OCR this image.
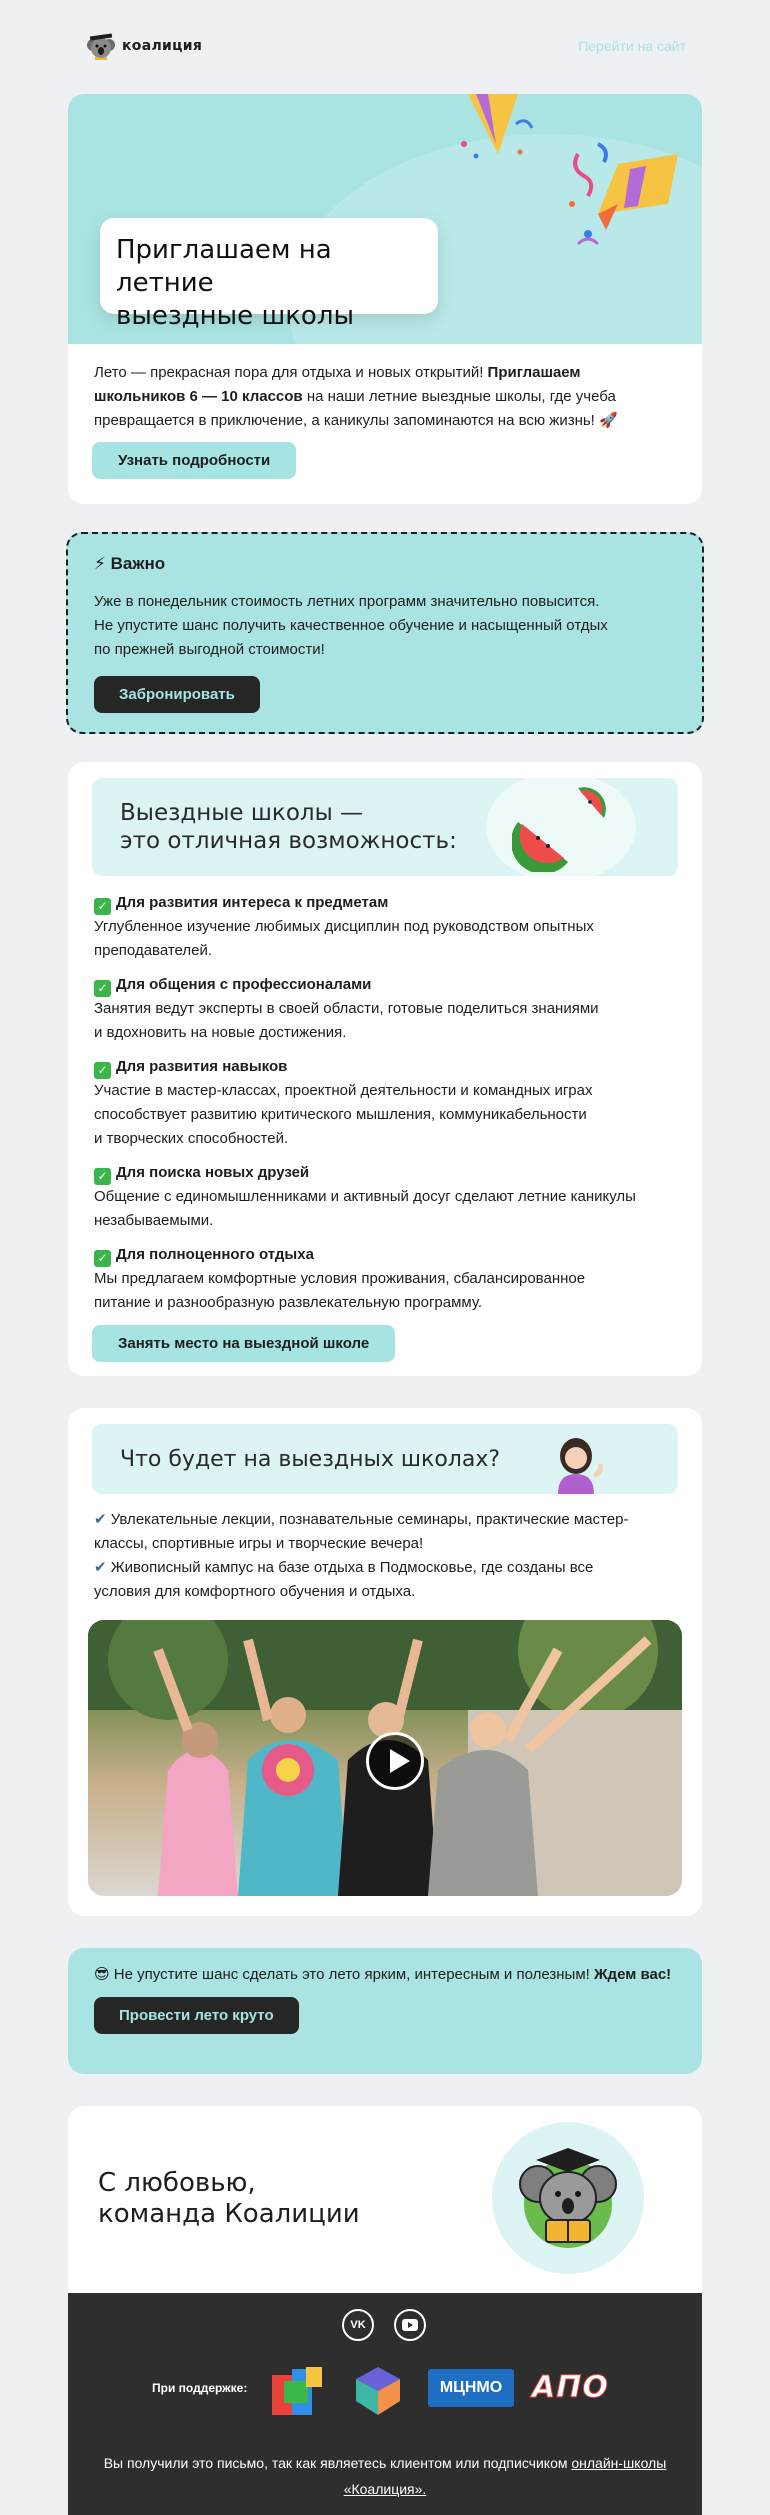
коалиция	Перейти на сайт
Приглашаем на летние
выездные школы
Лето — прекрасная пора для отдыха и новых открытий! Приглашаем школьников 6 — 10 классов на наши летние выездные школы, где учеба превращается в приключение, а каникулы запоминаются на всю жизнь! 🚀
Узнать подробности
⚡ Важно

Уже в понедельник стоимость летних программ значительно повысится.
Не упустите шанс получить качественное обучение и насыщенный отдых
по прежней выгодной стоимости!

Забронировать
Выездные школы —
это отличная возможность:
✓ Для развития интереса к предметам
Углубленное изучение любимых дисциплин под руководством опытных
преподавателей.
✓ Для общения с профессионалами
Занятия ведут эксперты в своей области, готовые поделиться знаниями
и вдохновить на новые достижения.
✓ Для развития навыков
Участие в мастер-классах, проектной деятельности и командных играх
способствует развитию критического мышления, коммуникабельности
и творческих способностей.
✓ Для поиска новых друзей
Общение с единомышленниками и активный досуг сделают летние каникулы
незабываемыми.
✓ Для полноценного отдыха
Мы предлагаем комфортные условия проживания, сбалансированное
питание и разнообразную развлекательную программу.
Занять место на выездной школе
Что будет на выездных школах?
✔ Увлекательные лекции, познавательные семинары, практические мастер-
классы, спортивные игры и творческие вечера!
✔ Живописный кампус на базе отдыха в Подмосковье, где созданы все
условия для комфортного обучения и отдыха.
😎 Не упустите шанс сделать это лето ярким, интересным и полезным! Ждем вас!
Провести лето круто
С любовью,
команда Коалиции
VK
При поддержке:	МЦНМО АПО
Вы получили это письмо, так как являетесь клиентом или подписчиком онлайн-школы «Коалиция».
